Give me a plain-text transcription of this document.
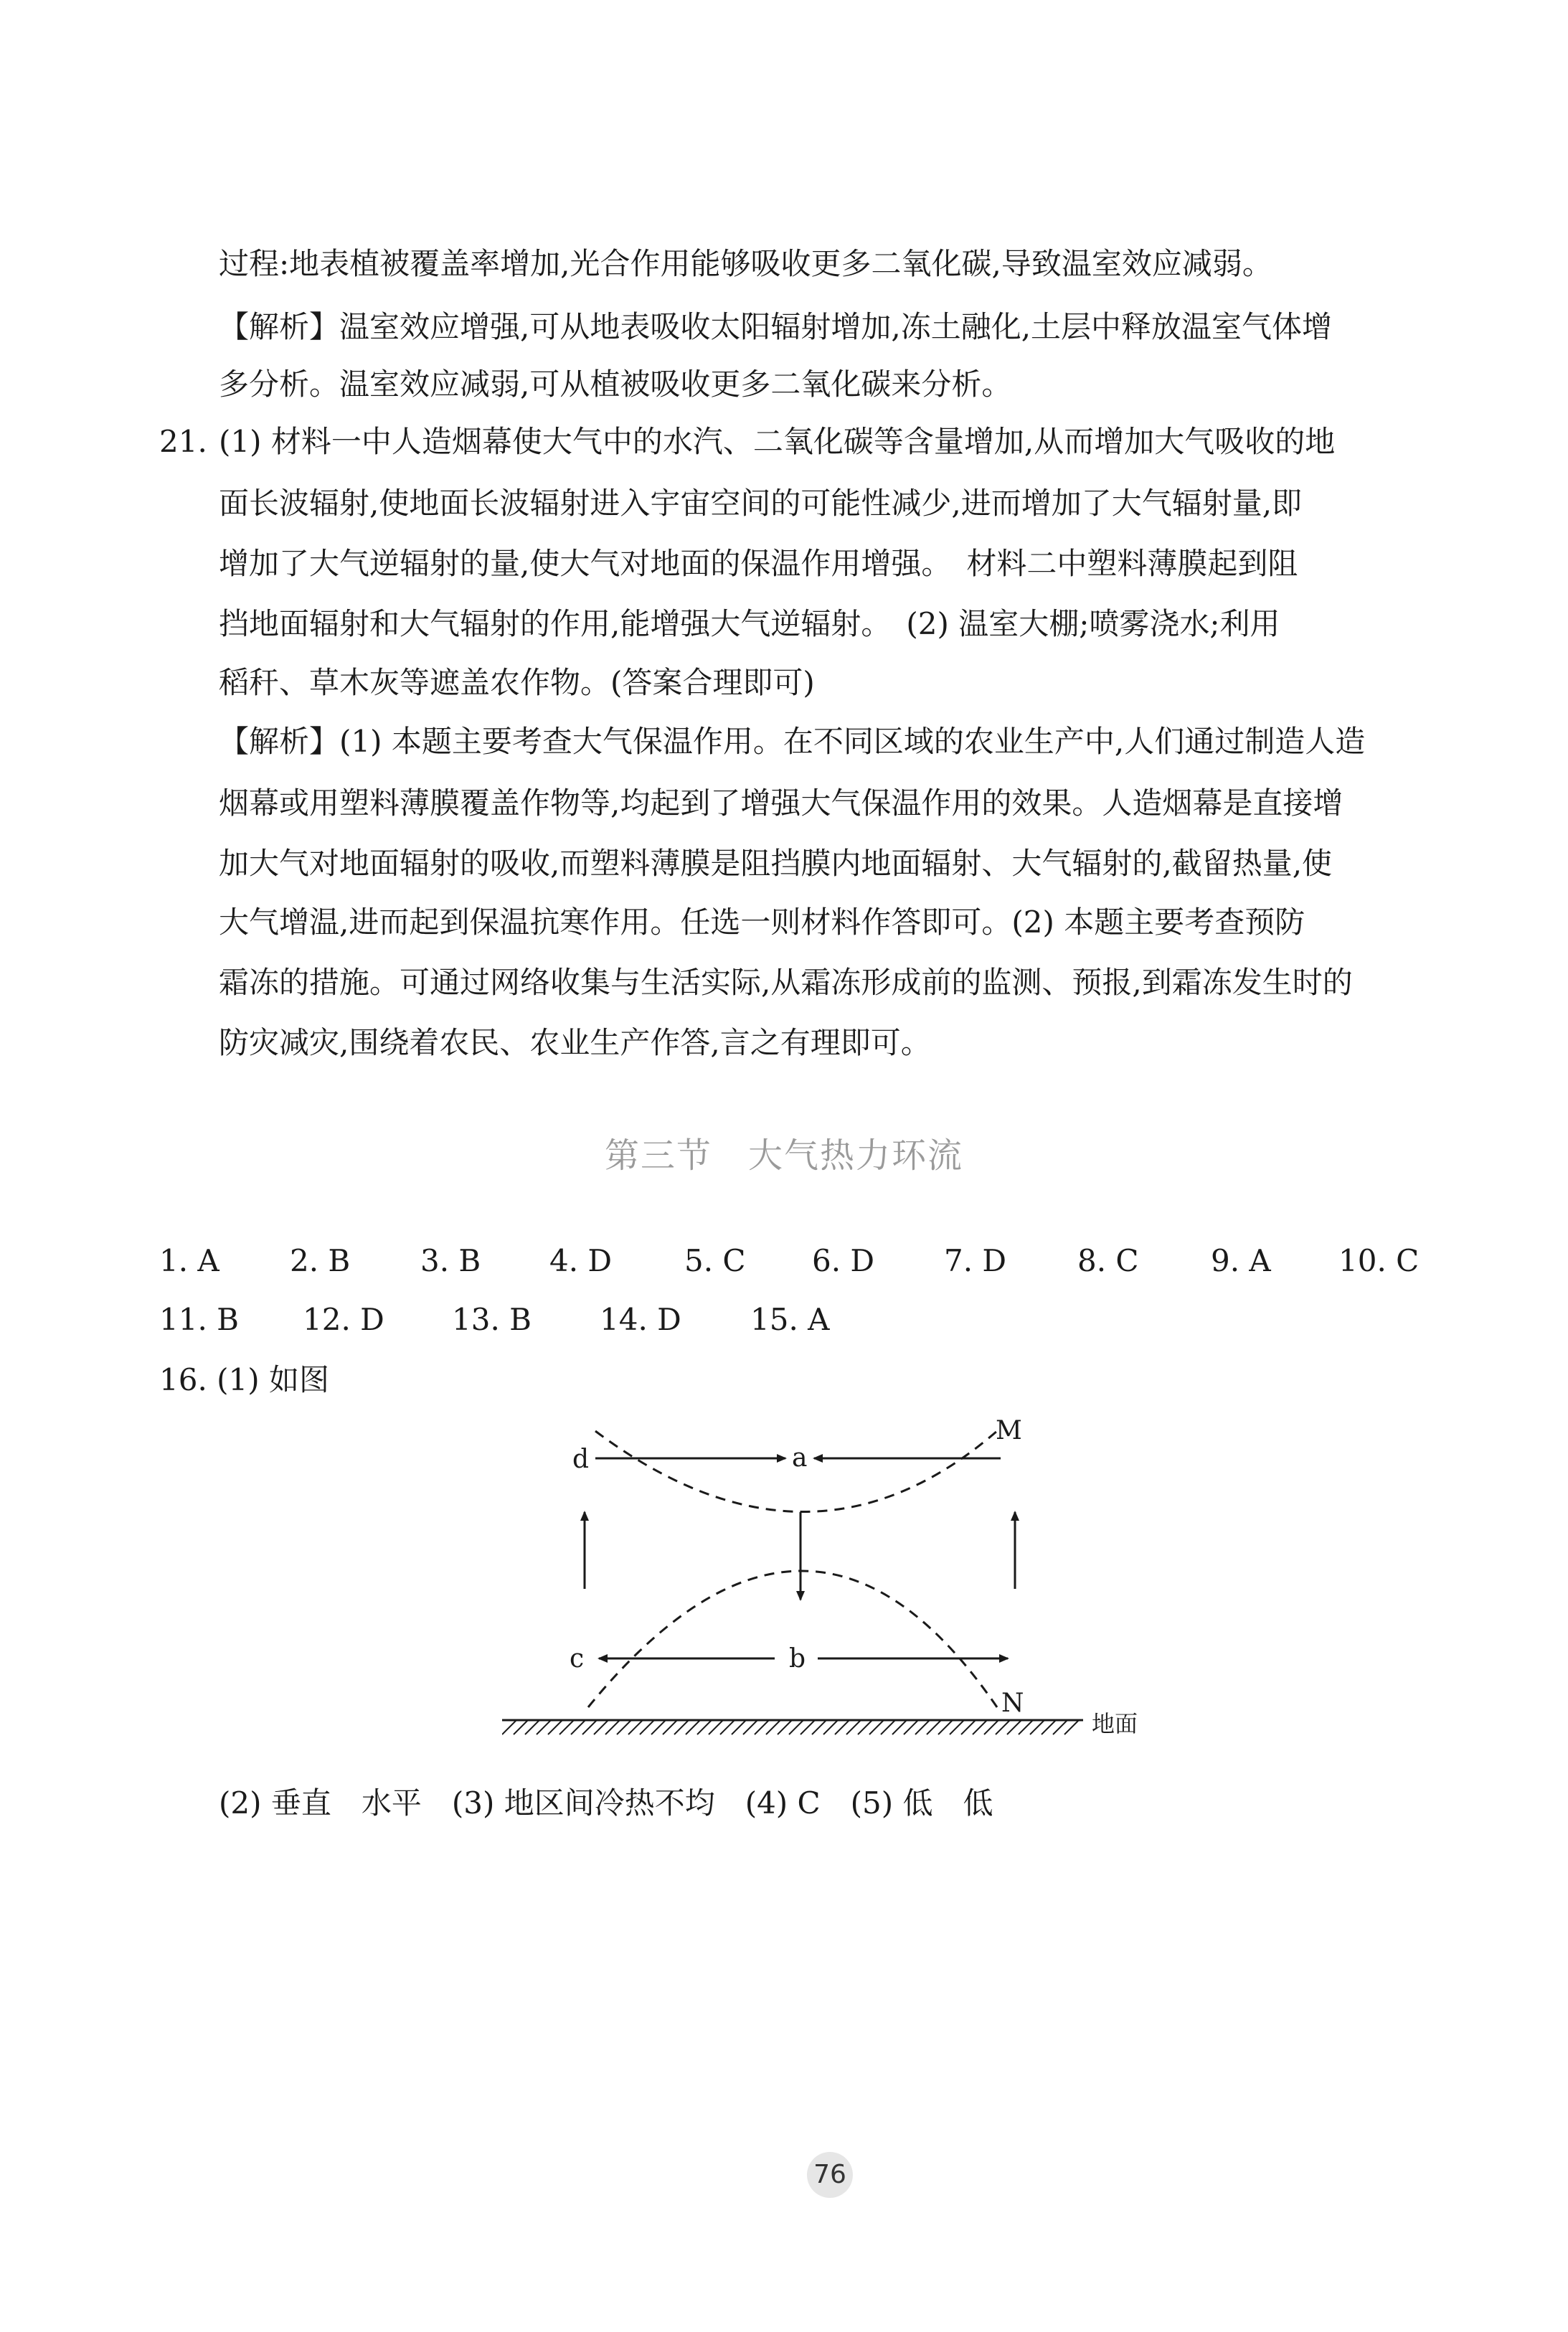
过程:地表植被覆盖率增加,光合作用能够吸收更多二氧化碳,导致温室效应减弱。
【解析】温室效应增强,可从地表吸收太阳辐射增加,冻土融化,土层中释放温室气体增
多分析。温室效应减弱,可从植被吸收更多二氧化碳来分析。
21. (1) 材料一中人造烟幕使大气中的水汽、二氧化碳等含量增加,从而增加大气吸收的地
面长波辐射,使地面长波辐射进入宇宙空间的可能性减少,进而增加了大气辐射量,即
增加了大气逆辐射的量,使大气对地面的保温作用增强。　材料二中塑料薄膜起到阻
挡地面辐射和大气辐射的作用,能增强大气逆辐射。　(2) 温室大棚;喷雾浇水;利用
稻秆、草木灰等遮盖农作物。(答案合理即可)
【解析】(1) 本题主要考查大气保温作用。在不同区域的农业生产中,人们通过制造人造
烟幕或用塑料薄膜覆盖作物等,均起到了增强大气保温作用的效果。人造烟幕是直接增
加大气对地面辐射的吸收,而塑料薄膜是阻挡膜内地面辐射、大气辐射的,截留热量,使
大气增温,进而起到保温抗寒作用。任选一则材料作答即可。(2) 本题主要考查预防
霜冻的措施。可通过网络收集与生活实际,从霜冻形成前的监测、预报,到霜冻发生时的
防灾减灾,围绕着农民、农业生产作答,言之有理即可。
第三节　大气热力环流
1. A 2. B 3. B 4. D 5. C 6. D 7. D 8. C 9. A 10. C
11. B 12. D 13. B 14. D 15. A
16. (1) 如图
d	a
M
c	b
N
地面
(2) 垂直　水平　(3) 地区间冷热不均　(4) C　(5) 低　低
76
